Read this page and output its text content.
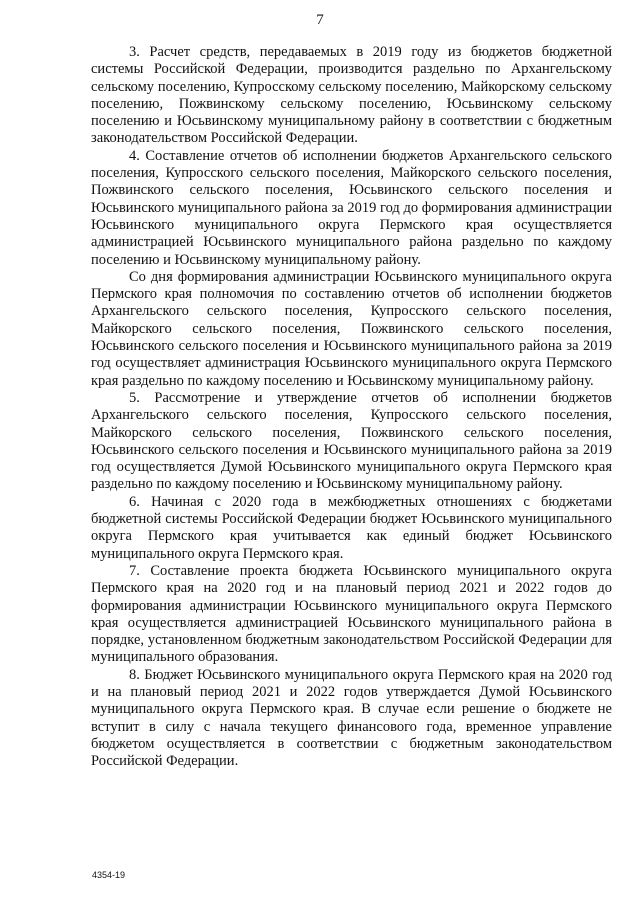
7

3. Расчет средств, передаваемых в 2019 году из бюджетов бюджетной системы Российской Федерации, производится раздельно по Архангельскому сельскому поселению, Купросскому сельскому поселению, Майкорскому сельскому поселению, Пожвинскому сельскому поселению, Юсьвинскому сельскому поселению и Юсьвинскому муниципальному району в соответствии с бюджетным законодательством Российской Федерации.

4. Составление отчетов об исполнении бюджетов Архангельского сельского поселения, Купросского сельского поселения, Майкорского сельского поселения, Пожвинского сельского поселения, Юсьвинского сельского поселения и Юсьвинского муниципального района за 2019 год до формирования администрации Юсьвинского муниципального округа Пермского края осуществляется администрацией Юсьвинского муниципального района раздельно по каждому поселению и Юсьвинскому муниципальному району.

Со дня формирования администрации Юсьвинского муниципального округа Пермского края полномочия по составлению отчетов об исполнении бюджетов Архангельского сельского поселения, Купросского сельского поселения, Майкорского сельского поселения, Пожвинского сельского поселения, Юсьвинского сельского поселения и Юсьвинского муниципального района за 2019 год осуществляет администрация Юсьвинского муниципального округа Пермского края раздельно по каждому поселению и Юсьвинскому муниципальному району.

5. Рассмотрение и утверждение отчетов об исполнении бюджетов Архангельского сельского поселения, Купросского сельского поселения, Майкорского сельского поселения, Пожвинского сельского поселения, Юсьвинского сельского поселения и Юсьвинского муниципального района за 2019 год осуществляется Думой Юсьвинского муниципального округа Пермского края раздельно по каждому поселению и Юсьвинскому муниципальному району.

6. Начиная с 2020 года в межбюджетных отношениях с бюджетами бюджетной системы Российской Федерации бюджет Юсьвинского муниципального округа Пермского края учитывается как единый бюджет Юсьвинского муниципального округа Пермского края.

7. Составление проекта бюджета Юсьвинского муниципального округа Пермского края на 2020 год и на плановый период 2021 и 2022 годов до формирования администрации Юсьвинского муниципального округа Пермского края осуществляется администрацией Юсьвинского муниципального района в порядке, установленном бюджетным законодательством Российской Федерации для муниципального образования.

8. Бюджет Юсьвинского муниципального округа Пермского края на 2020 год и на плановый период 2021 и 2022 годов утверждается Думой Юсьвинского муниципального округа Пермского края. В случае если решение о бюджете не вступит в силу с начала текущего финансового года, временное управление бюджетом осуществляется в соответствии с бюджетным законодательством Российской Федерации.

4354-19
